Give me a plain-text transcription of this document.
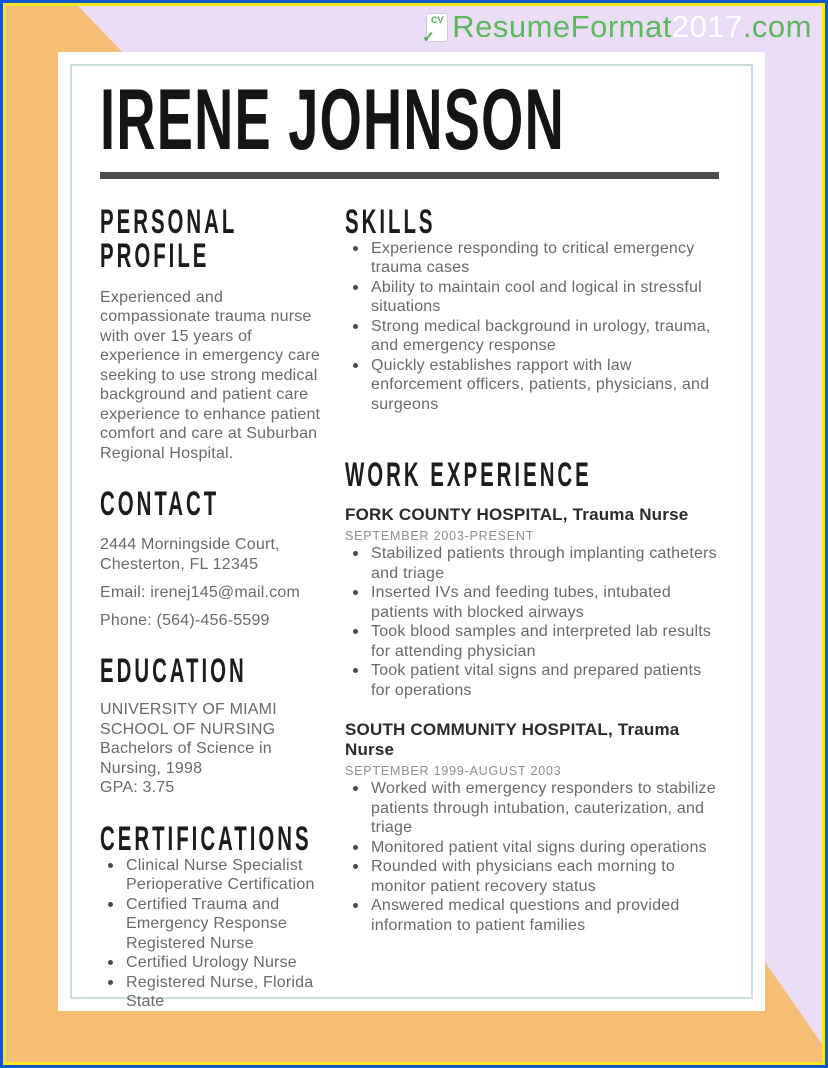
CV
✓ ResumeFormat2017.com
IRENE JOHNSON
PERSONAL
PROFILE
Experienced and compassionate trauma nurse with over 15 years of experience in emergency care seeking to use strong medical background and patient care experience to enhance patient comfort and care at Suburban Regional Hospital.
CONTACT
2444 Morningside Court,
Chesterton, FL 12345
Email: irenej145@mail.com
Phone: (564)-456-5599
EDUCATION
UNIVERSITY OF MIAMI SCHOOL OF NURSING
Bachelors of Science in Nursing, 1998
GPA: 3.75
CERTIFICATIONS
Clinical Nurse Specialist Perioperative Certification
Certified Trauma and Emergency Response Registered Nurse
Certified Urology Nurse
Registered Nurse, Florida State
SKILLS
Experience responding to critical emergency trauma cases
Ability to maintain cool and logical in stressful situations
Strong medical background in urology, trauma, and emergency response
Quickly establishes rapport with law enforcement officers, patients, physicians, and surgeons
WORK EXPERIENCE
FORK COUNTY HOSPITAL, Trauma Nurse
SEPTEMBER 2003-PRESENT
Stabilized patients through implanting catheters and triage
Inserted IVs and feeding tubes, intubated patients with blocked airways
Took blood samples and interpreted lab results for attending physician
Took patient vital signs and prepared patients for operations
SOUTH COMMUNITY HOSPITAL, Trauma Nurse
SEPTEMBER 1999-AUGUST 2003
Worked with emergency responders to stabilize patients through intubation, cauterization, and triage
Monitored patient vital signs during operations
Rounded with physicians each morning to monitor patient recovery status
Answered medical questions and provided information to patient families
